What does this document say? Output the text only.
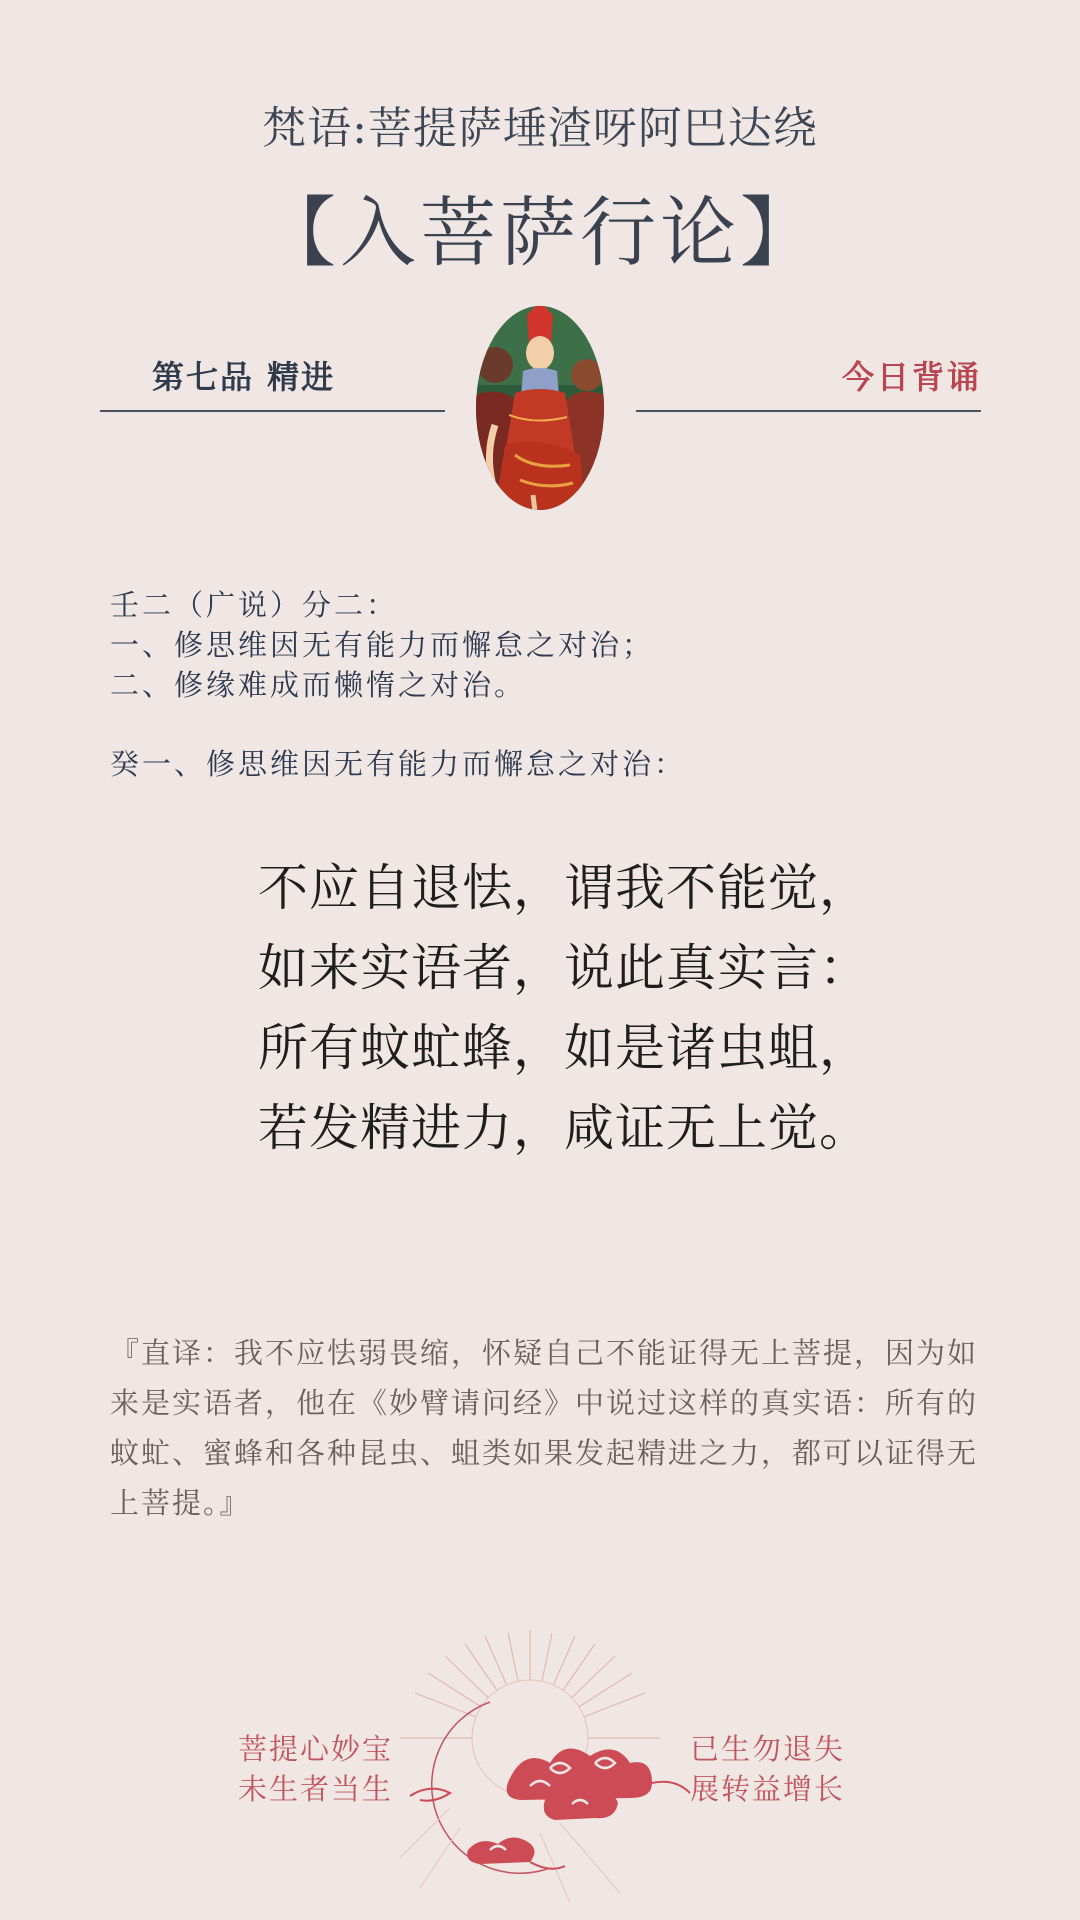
梵语:菩提萨埵渣呀阿巴达绕
【入菩萨行论】
第七品 精进	今日背诵
壬二（广说）分二：
一、修思维因无有能力而懈怠之对治；
二、修缘难成而懒惰之对治。
癸一、修思维因无有能力而懈怠之对治：
不应自退怯，谓我不能觉，
如来实语者，说此真实言：
所有蚊虻蜂，如是诸虫蛆，
若发精进力，咸证无上觉。
『直译：我不应怯弱畏缩，怀疑自己不能证得无上菩提，因为如来是实语者，他在《妙臂请问经》中说过这样的真实语：所有的蚊虻、蜜蜂和各种昆虫、蛆类如果发起精进之力，都可以证得无上菩提。』
菩提心妙宝
未生者当生
已生勿退失
展转益增长
